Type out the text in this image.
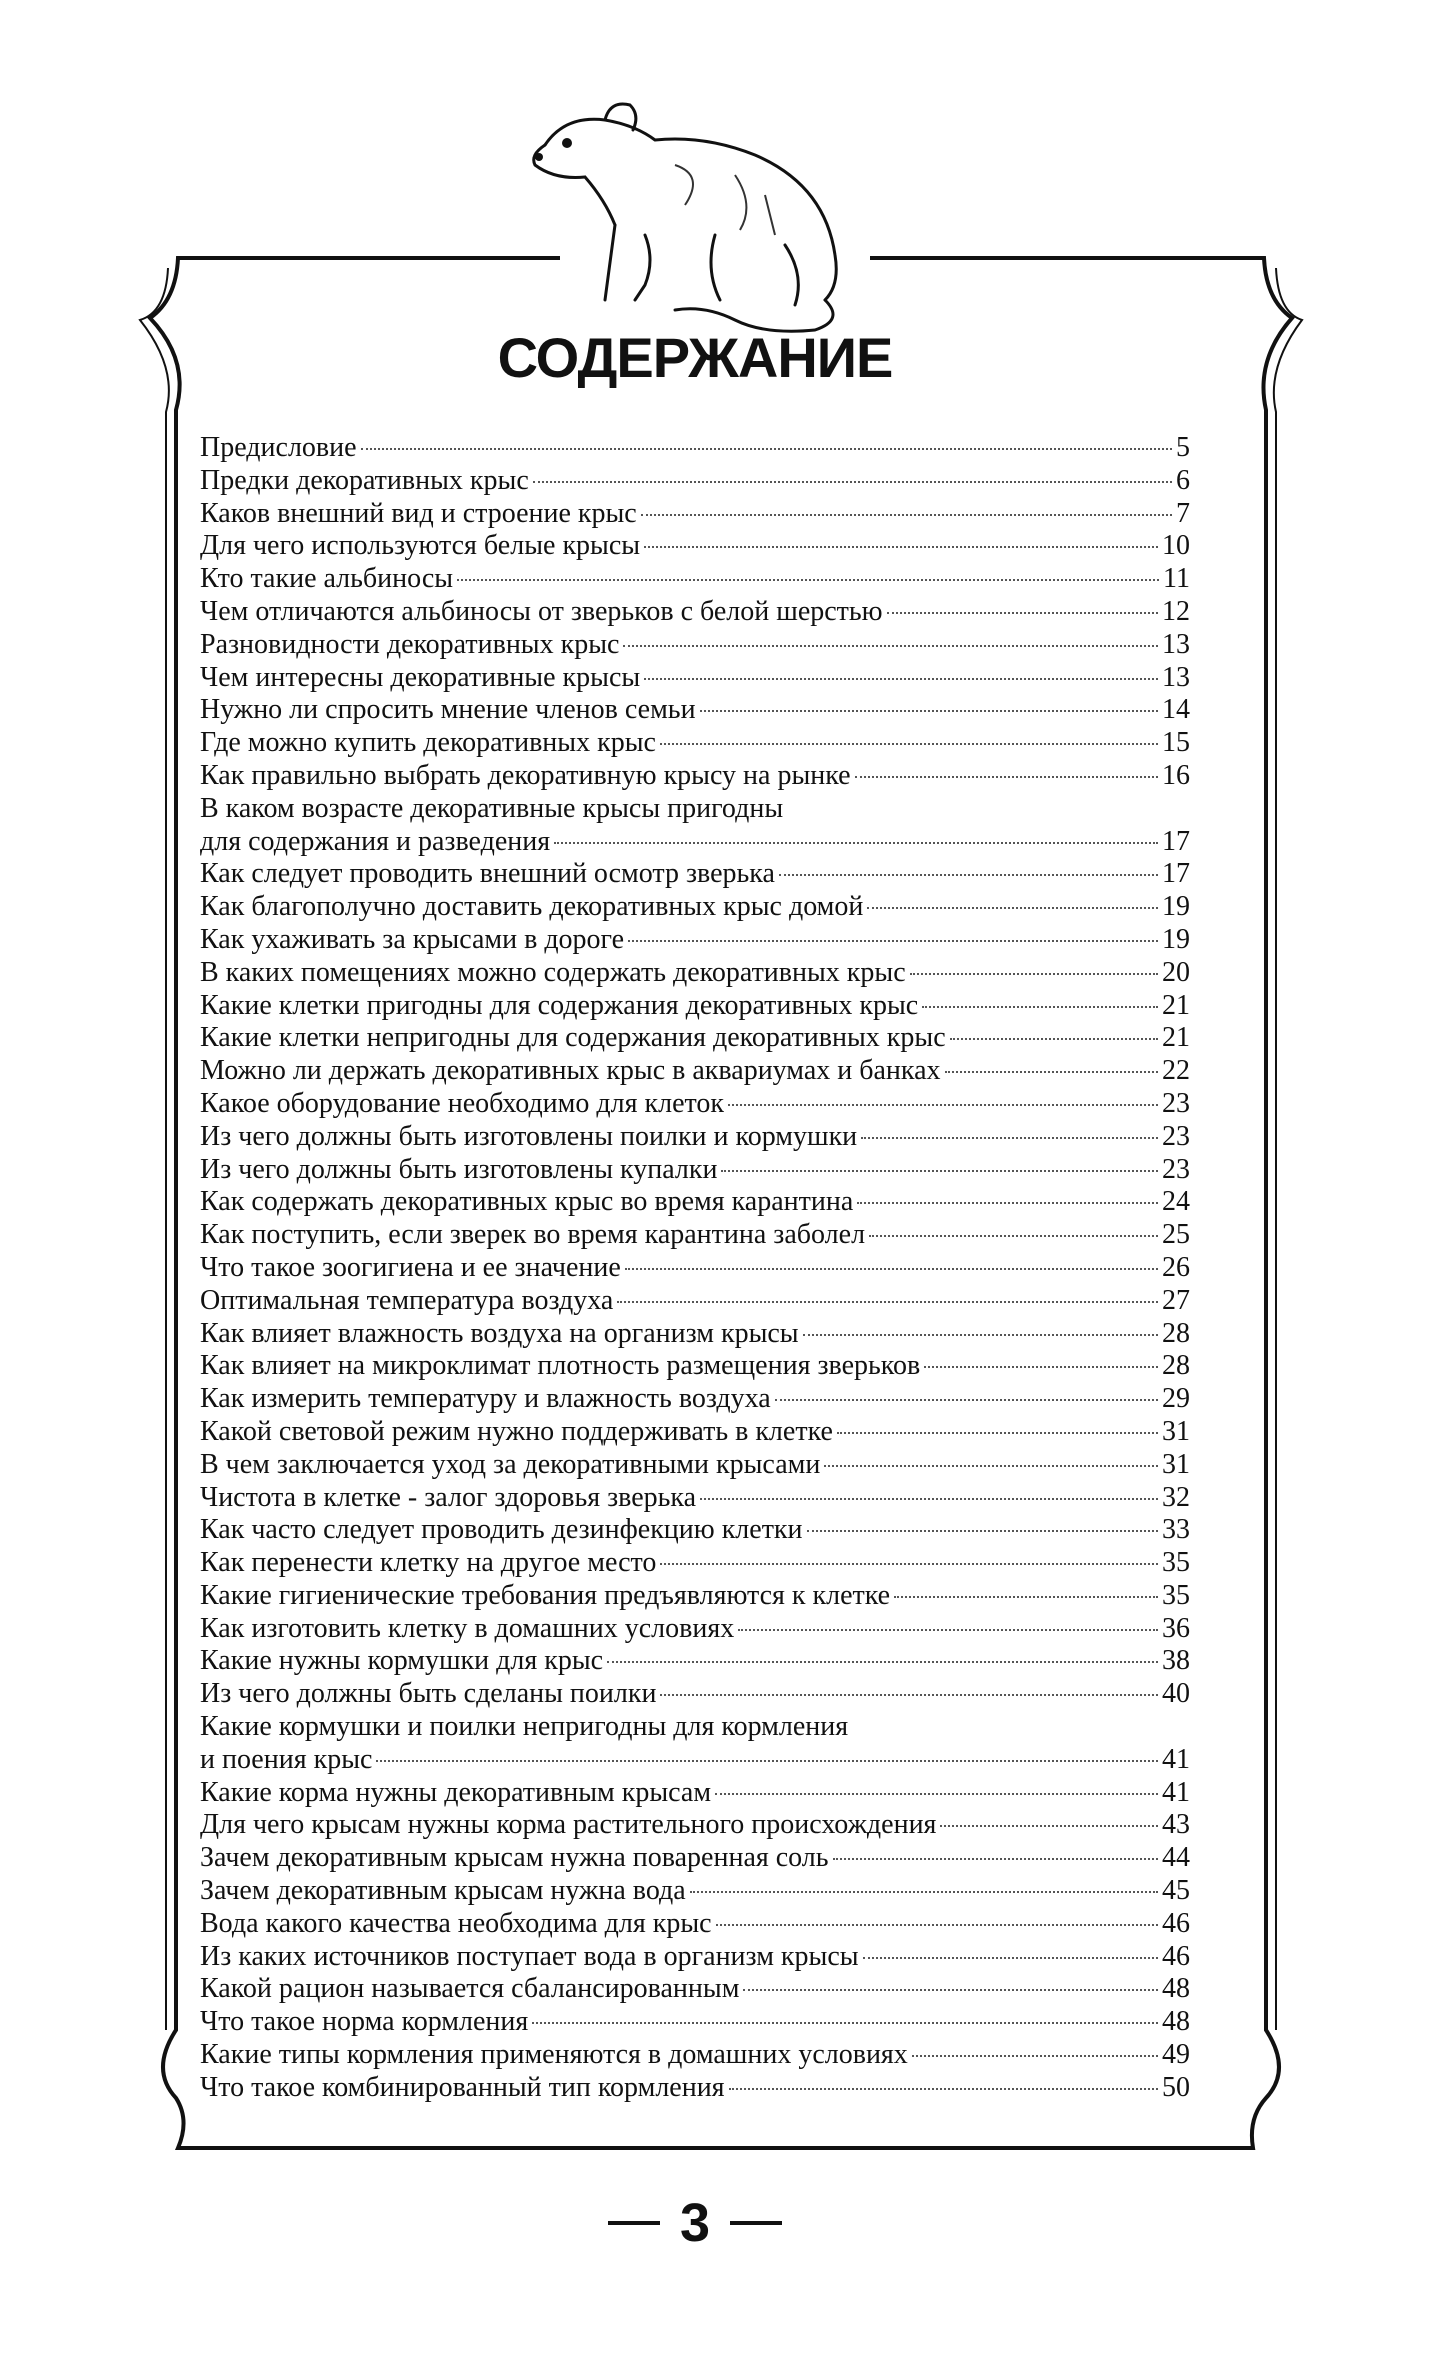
СОДЕРЖАНИЕ
Предисловие	5
Предки декоративных крыс	6
Каков внешний вид и строение крыс	7
Для чего используются белые крысы	10
Кто такие альбиносы	11
Чем отличаются альбиносы от зверьков с белой шерстью	12
Разновидности декоративных крыс	13
Чем интересны декоративные крысы	13
Нужно ли спросить мнение членов семьи	14
Где можно купить декоративных крыс	15
Как правильно выбрать декоративную крысу на рынке	16
В каком возрасте декоративные крысы пригодны
для содержания и разведения	17
Как следует проводить внешний осмотр зверька	17
Как благополучно доставить декоративных крыс домой	19
Как ухаживать за крысами в дороге	19
В каких помещениях можно содержать декоративных крыс	20
Какие клетки пригодны для содержания декоративных крыс	21
Какие клетки непригодны для содержания декоративных крыс	21
Можно ли держать декоративных крыс в аквариумах и банках	22
Какое оборудование необходимо для клеток	23
Из чего должны быть изготовлены поилки и кормушки	23
Из чего должны быть изготовлены купалки	23
Как содержать декоративных крыс во время карантина	24
Как поступить, если зверек во время карантина заболел	25
Что такое зоогигиена и ее значение	26
Оптимальная температура воздуха	27
Как влияет влажность воздуха на организм крысы	28
Как влияет на микроклимат плотность размещения зверьков	28
Как измерить температуру и влажность воздуха	29
Какой световой режим нужно поддерживать в клетке	31
В чем заключается уход за декоративными крысами	31
Чистота в клетке - залог здоровья зверька	32
Как часто следует проводить дезинфекцию клетки	33
Как перенести клетку на другое место	35
Какие гигиенические требования предъявляются к клетке	35
Как изготовить клетку в домашних условиях	36
Какие нужны кормушки для крыс	38
Из чего должны быть сделаны поилки	40
Какие кормушки и поилки непригодны для кормления
и поения крыс	41
Какие корма нужны декоративным крысам	41
Для чего крысам нужны корма растительного происхождения	43
Зачем декоративным крысам нужна поваренная соль	44
Зачем декоративным крысам нужна вода	45
Вода какого качества необходима для крыс	46
Из каких источников поступает вода в организм крысы	46
Какой рацион называется сбалансированным	48
Что такое норма кормления	48
Какие типы кормления применяются в домашних условиях	49
Что такое комбинированный тип кормления	50
3
